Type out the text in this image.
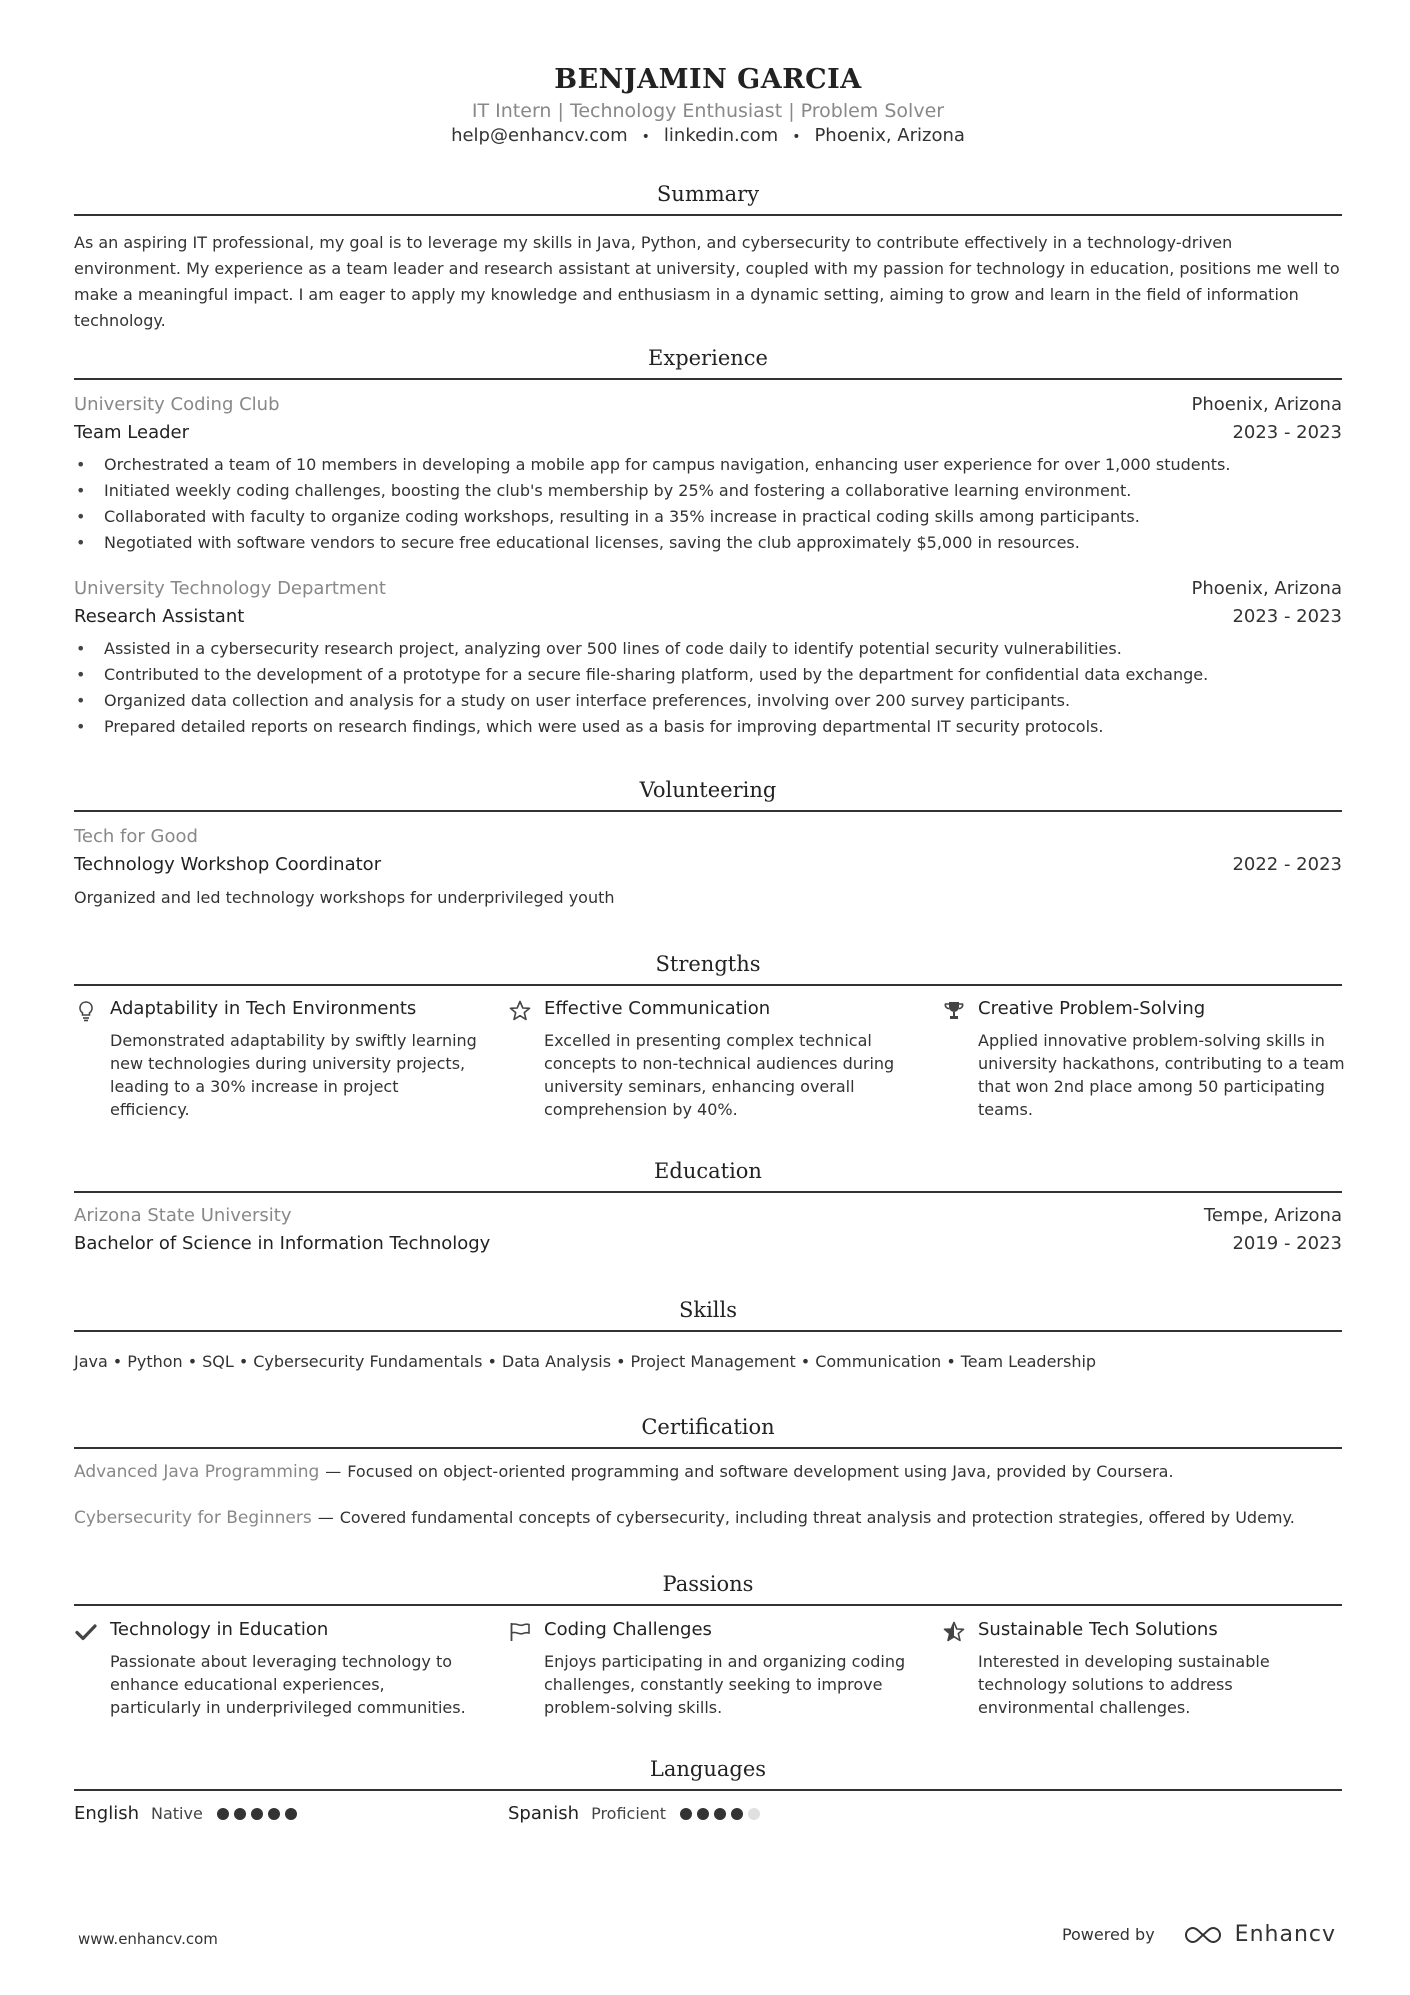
BENJAMIN GARCIA
IT Intern | Technology Enthusiast | Problem Solver
help@enhancv.com • linkedin.com • Phoenix, Arizona
Summary
As an aspiring IT professional, my goal is to leverage my skills in Java, Python, and cybersecurity to contribute effectively in a technology-driven environment. My experience as a team leader and research assistant at university, coupled with my passion for technology in education, positions me well to make a meaningful impact. I am eager to apply my knowledge and enthusiasm in a dynamic setting, aiming to grow and learn in the field of information technology.
Experience
University Coding Club	Phoenix, Arizona
Team Leader	2023 - 2023
• Orchestrated a team of 10 members in developing a mobile app for campus navigation, enhancing user experience for over 1,000 students.
• Initiated weekly coding challenges, boosting the club's membership by 25% and fostering a collaborative learning environment.
• Collaborated with faculty to organize coding workshops, resulting in a 35% increase in practical coding skills among participants.
• Negotiated with software vendors to secure free educational licenses, saving the club approximately $5,000 in resources.
University Technology Department	Phoenix, Arizona
Research Assistant	2023 - 2023
• Assisted in a cybersecurity research project, analyzing over 500 lines of code daily to identify potential security vulnerabilities.
• Contributed to the development of a prototype for a secure file-sharing platform, used by the department for confidential data exchange.
• Organized data collection and analysis for a study on user interface preferences, involving over 200 survey participants.
• Prepared detailed reports on research findings, which were used as a basis for improving departmental IT security protocols.
Volunteering
Tech for Good
Technology Workshop Coordinator	2022 - 2023
Organized and led technology workshops for underprivileged youth
Strengths
Adaptability in Tech Environments
Demonstrated adaptability by swiftly learning new technologies during university projects, leading to a 30% increase in project efficiency.
Effective Communication
Excelled in presenting complex technical concepts to non-technical audiences during university seminars, enhancing overall comprehension by 40%.
Creative Problem-Solving
Applied innovative problem-solving skills in university hackathons, contributing to a team that won 2nd place among 50 participating teams.
Education
Arizona State University	Tempe, Arizona
Bachelor of Science in Information Technology	2019 - 2023
Skills
Java • Python • SQL • Cybersecurity Fundamentals • Data Analysis • Project Management • Communication • Team Leadership
Certification
Advanced Java Programming — Focused on object-oriented programming and software development using Java, provided by Coursera.
Cybersecurity for Beginners — Covered fundamental concepts of cybersecurity, including threat analysis and protection strategies, offered by Udemy.
Passions
Technology in Education
Passionate about leveraging technology to enhance educational experiences, particularly in underprivileged communities.
Coding Challenges
Enjoys participating in and organizing coding challenges, constantly seeking to improve problem-solving skills.
Sustainable Tech Solutions
Interested in developing sustainable technology solutions to address environmental challenges.
Languages
English Native	Spanish Proficient
www.enhancv.com	Powered by	Enhancv
